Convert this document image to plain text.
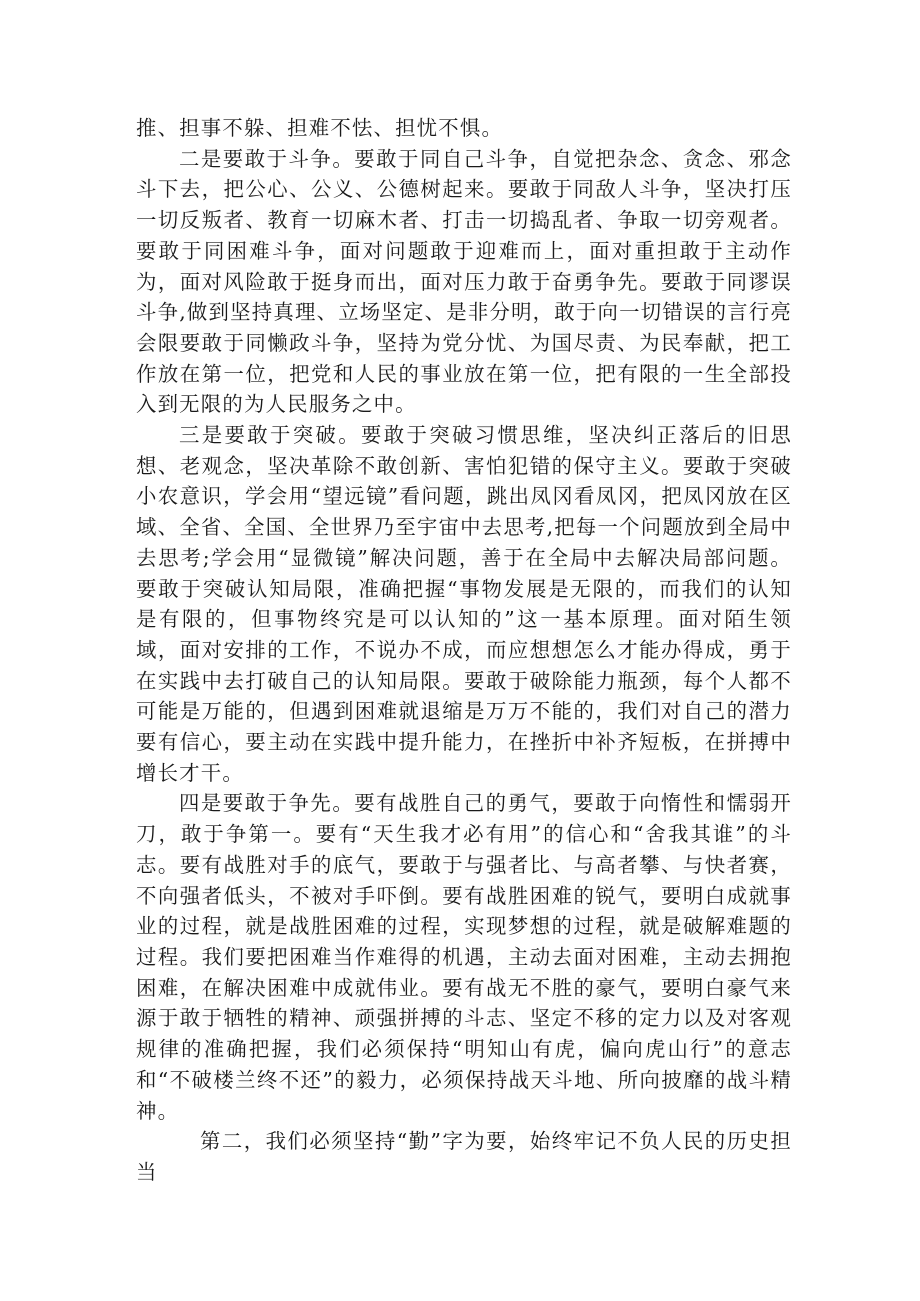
推、担事不躲、担难不怯、担忧不惧。

二是要敢于斗争。要敢于同自己斗争，自觉把杂念、贪念、邪念斗下去，把公心、公义、公德树起来。要敢于同敌人斗争，坚决打压一切反叛者、教育一切麻木者、打击一切捣乱者、争取一切旁观者。要敢于同困难斗争，面对问题敢于迎难而上，面对重担敢于主动作为，面对风险敢于挺身而出，面对压力敢于奋勇争先。要敢于同谬误斗争,做到坚持真理、立场坚定、是非分明，敢于向一切错误的言行亮会限要敢于同懒政斗争，坚持为党分忧、为国尽责、为民奉献，把工作放在第一位，把党和人民的事业放在第一位，把有限的一生全部投入到无限的为人民服务之中。

三是要敢于突破。要敢于突破习惯思维，坚决纠正落后的旧思想、老观念，坚决革除不敢创新、害怕犯错的保守主义。要敢于突破小农意识，学会用“望远镜”看问题，跳出凤冈看凤冈，把凤冈放在区域、全省、全国、全世界乃至宇宙中去思考,把每一个问题放到全局中去思考;学会用“显微镜”解决问题，善于在全局中去解决局部问题。要敢于突破认知局限，准确把握“事物发展是无限的，而我们的认知是有限的，但事物终究是可以认知的”这一基本原理。面对陌生领域，面对安排的工作，不说办不成，而应想想怎么才能办得成，勇于在实践中去打破自己的认知局限。要敢于破除能力瓶颈，每个人都不可能是万能的，但遇到困难就退缩是万万不能的，我们对自己的潜力要有信心，要主动在实践中提升能力，在挫折中补齐短板，在拼搏中增长才干。

四是要敢于争先。要有战胜自己的勇气，要敢于向惰性和懦弱开刀，敢于争第一。要有“天生我才必有用”的信心和“舍我其谁”的斗志。要有战胜对手的底气，要敢于与强者比、与高者攀、与快者赛，不向强者低头，不被对手吓倒。要有战胜困难的锐气，要明白成就事业的过程，就是战胜困难的过程，实现梦想的过程，就是破解难题的过程。我们要把困难当作难得的机遇，主动去面对困难，主动去拥抱困难，在解决困难中成就伟业。要有战无不胜的豪气，要明白豪气来源于敢于牺牲的精神、顽强拼搏的斗志、坚定不移的定力以及对客观规律的准确把握，我们必须保持“明知山有虎，偏向虎山行”的意志和“不破楼兰终不还”的毅力，必须保持战天斗地、所向披靡的战斗精神。

第二，我们必须坚持“勤”字为要，始终牢记不负人民的历史担当
